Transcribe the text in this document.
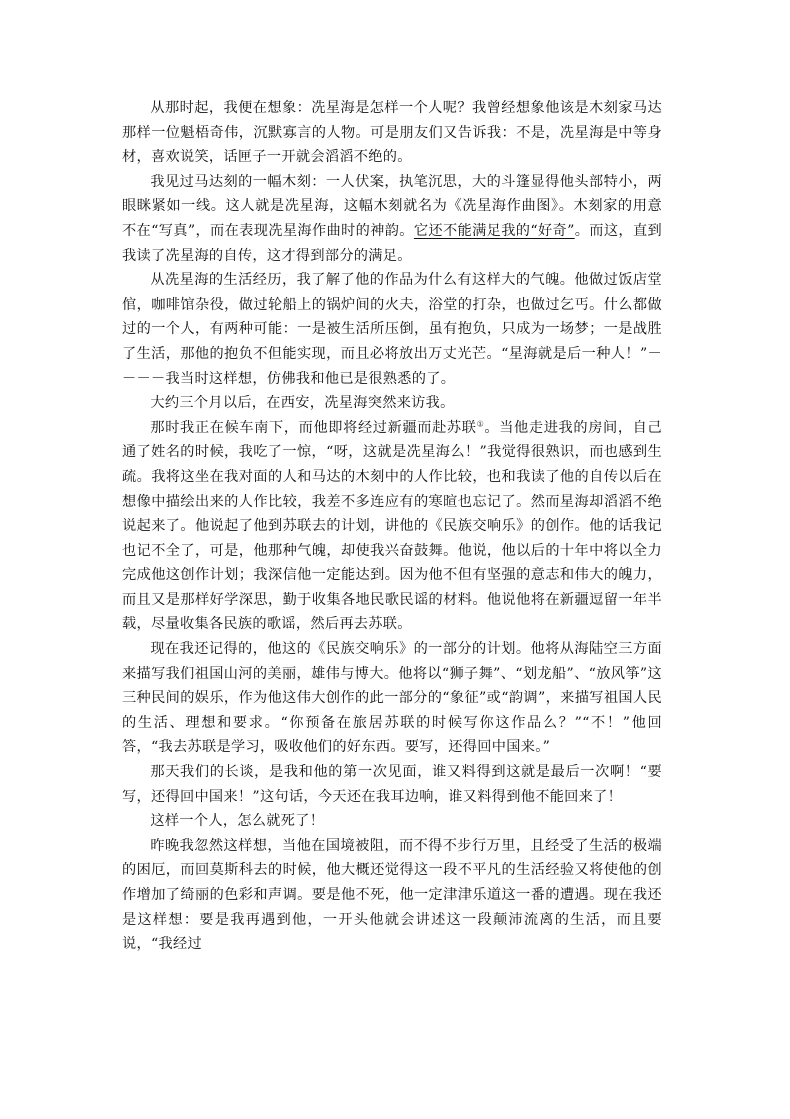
从那时起，我便在想象：冼星海是怎样一个人呢？我曾经想象他该是木刻家马达那样一位魁梧奇伟，沉默寡言的人物。可是朋友们又告诉我：不是，冼星海是中等身材，喜欢说笑，话匣子一开就会滔滔不绝的。

我见过马达刻的一幅木刻：一人伏案，执笔沉思，大的斗篷显得他头部特小，两眼眯紧如一线。这人就是冼星海，这幅木刻就名为《冼星海作曲图》。木刻家的用意不在“写真”，而在表现冼星海作曲时的神韵。它还不能满足我的“好奇”。而这，直到我读了冼星海的自传，这才得到部分的满足。

从冼星海的生活经历，我了解了他的作品为什么有这样大的气魄。他做过饭店堂倌，咖啡馆杂役，做过轮船上的锅炉间的火夫，浴堂的打杂，也做过乞丐。什么都做过的一个人，有两种可能：一是被生活所压倒，虽有抱负，只成为一场梦；一是战胜了生活，那他的抱负不但能实现，而且必将放出万丈光芒。“星海就是后一种人！”－－－－我当时这样想，仿佛我和他已是很熟悉的了。

大约三个月以后，在西安，冼星海突然来访我。

那时我正在候车南下，而他即将经过新疆而赴苏联①。当他走进我的房间，自己通了姓名的时候，我吃了一惊，“呀，这就是冼星海么！”我觉得很熟识，而也感到生疏。我将这坐在我对面的人和马达的木刻中的人作比较，也和我读了他的自传以后在想像中描绘出来的人作比较，我差不多连应有的寒暄也忘记了。然而星海却滔滔不绝说起来了。他说起了他到苏联去的计划，讲他的《民族交响乐》的创作。他的话我记也记不全了，可是，他那种气魄，却使我兴奋鼓舞。他说，他以后的十年中将以全力完成他这创作计划；我深信他一定能达到。因为他不但有坚强的意志和伟大的魄力，而且又是那样好学深思，勤于收集各地民歌民谣的材料。他说他将在新疆逗留一年半载，尽量收集各民族的歌谣，然后再去苏联。

现在我还记得的，他这的《民族交响乐》的一部分的计划。他将从海陆空三方面来描写我们祖国山河的美丽，雄伟与博大。他将以“狮子舞”、“划龙船”、“放风筝”这三种民间的娱乐，作为他这伟大创作的此一部分的“象征”或“韵调”，来描写祖国人民的生活、理想和要求。“你预备在旅居苏联的时候写你这作品么？”“不！”他回答，“我去苏联是学习，吸收他们的好东西。要写，还得回中国来。”

那天我们的长谈，是我和他的第一次见面，谁又料得到这就是最后一次啊！“要写，还得回中国来！”这句话，今天还在我耳边响，谁又料得到他不能回来了！

这样一个人，怎么就死了！

昨晚我忽然这样想，当他在国境被阻，而不得不步行万里，且经受了生活的极端的困厄，而回莫斯科去的时候，他大概还觉得这一段不平凡的生活经验又将使他的创作增加了绮丽的色彩和声调。要是他不死，他一定津津乐道这一番的遭遇。现在我还是这样想：要是我再遇到他，一开头他就会讲述这一段颠沛流离的生活，而且要说，“我经过
